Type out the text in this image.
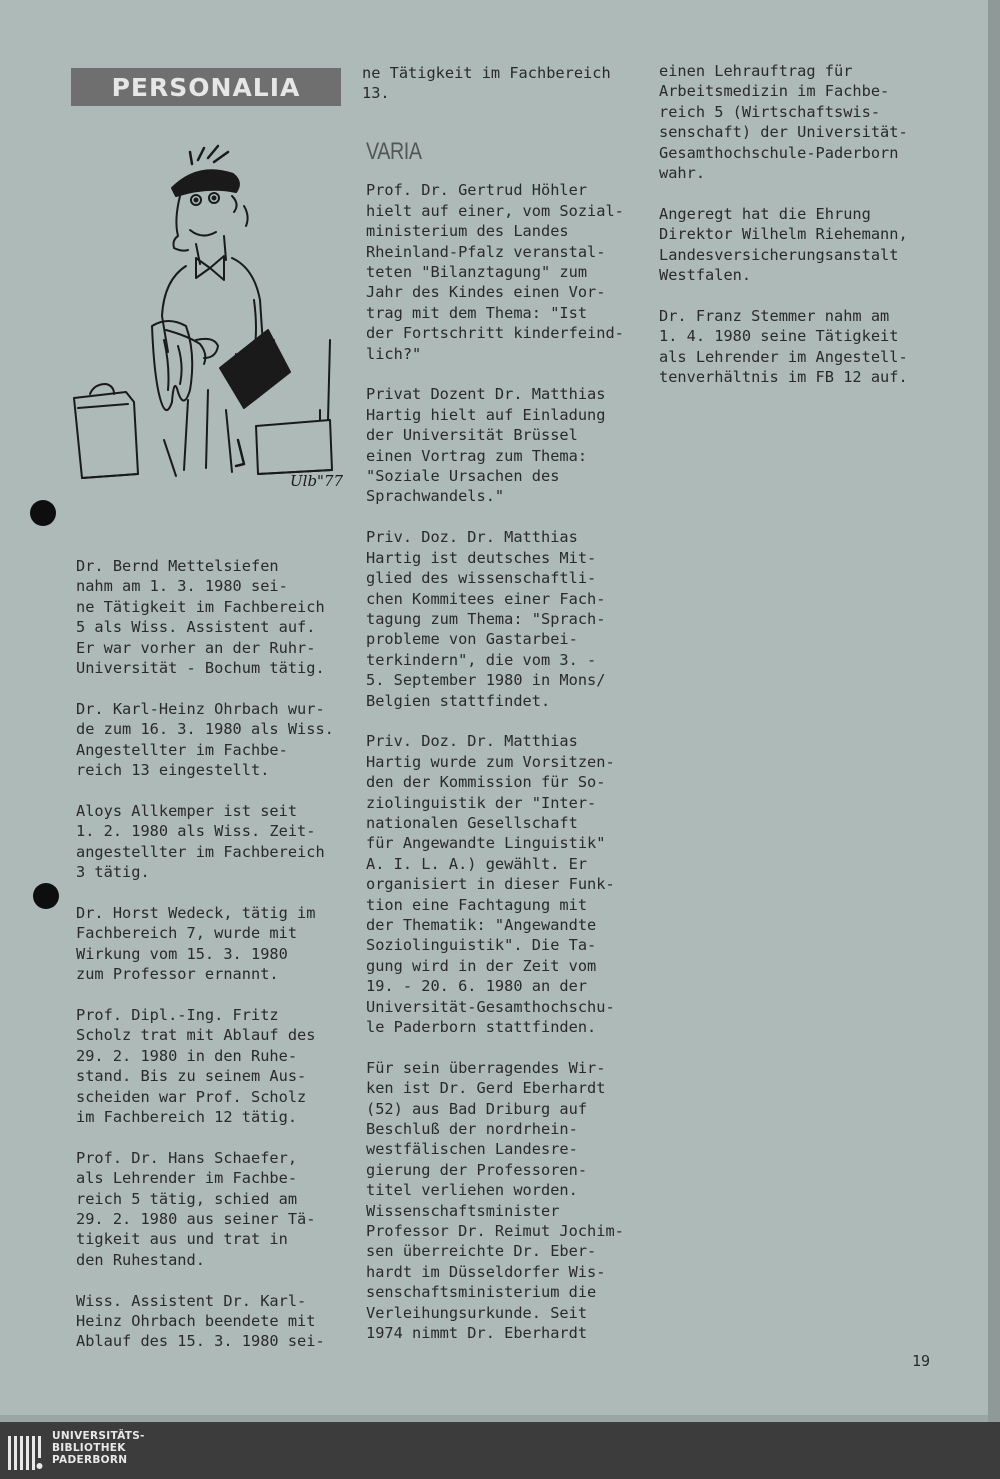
PERSONALIA
Ulb"77

Dr. Bernd Mettelsiefen
nahm am 1. 3. 1980 sei-
ne Tätigkeit im Fachbereich
5 als Wiss. Assistent auf.
Er war vorher an der Ruhr-
Universität - Bochum tätig.

Dr. Karl-Heinz Ohrbach wur-
de zum 16. 3. 1980 als Wiss.
Angestellter im Fachbe-
reich 13 eingestellt.

Aloys Allkemper ist seit
1. 2. 1980 als Wiss. Zeit-
angestellter im Fachbereich
3 tätig.

Dr. Horst Wedeck, tätig im
Fachbereich 7, wurde mit
Wirkung vom 15. 3. 1980
zum Professor ernannt.

Prof. Dipl.-Ing. Fritz
Scholz trat mit Ablauf des
29. 2. 1980 in den Ruhe-
stand. Bis zu seinem Aus-
scheiden war Prof. Scholz
im Fachbereich 12 tätig.

Prof. Dr. Hans Schaefer,
als Lehrender im Fachbe-
reich 5 tätig, schied am
29. 2. 1980 aus seiner Tä-
tigkeit aus und trat in
den Ruhestand.

Wiss. Assistent Dr. Karl-
Heinz Ohrbach beendete mit
Ablauf des 15. 3. 1980 sei-

ne Tätigkeit im Fachbereich
13.

VARIA

Prof. Dr. Gertrud Höhler
hielt auf einer, vom Sozial-
ministerium des Landes
Rheinland-Pfalz veranstal-
teten "Bilanztagung" zum
Jahr des Kindes einen Vor-
trag mit dem Thema: "Ist
der Fortschritt kinderfeind-
lich?"

Privat Dozent Dr. Matthias
Hartig hielt auf Einladung
der Universität Brüssel
einen Vortrag zum Thema:
"Soziale Ursachen des
Sprachwandels."

Priv. Doz. Dr. Matthias
Hartig ist deutsches Mit-
glied des wissenschaftli-
chen Kommitees einer Fach-
tagung zum Thema: "Sprach-
probleme von Gastarbei-
terkindern", die vom 3. -
5. September 1980 in Mons/
Belgien stattfindet.

Priv. Doz. Dr. Matthias
Hartig wurde zum Vorsitzen-
den der Kommission für So-
ziolinguistik der "Inter-
nationalen Gesellschaft
für Angewandte Linguistik"
A. I. L. A.) gewählt. Er
organisiert in dieser Funk-
tion eine Fachtagung mit
der Thematik: "Angewandte
Soziolinguistik". Die Ta-
gung wird in der Zeit vom
19. - 20. 6. 1980 an der
Universität-Gesamthochschu-
le Paderborn stattfinden.

Für sein überragendes Wir-
ken ist Dr. Gerd Eberhardt
(52) aus Bad Driburg auf
Beschluß der nordrhein-
westfälischen Landesre-
gierung der Professoren-
titel verliehen worden.
Wissenschaftsminister
Professor Dr. Reimut Jochim-
sen überreichte Dr. Eber-
hardt im Düsseldorfer Wis-
senschaftsministerium die
Verleihungsurkunde. Seit
1974 nimmt Dr. Eberhardt

einen Lehrauftrag für
Arbeitsmedizin im Fachbe-
reich 5 (Wirtschaftswis-
senschaft) der Universität-
Gesamthochschule-Paderborn
wahr.

Angeregt hat die Ehrung
Direktor Wilhelm Riehemann,
Landesversicherungsanstalt
Westfalen.

Dr. Franz Stemmer nahm am
1. 4. 1980 seine Tätigkeit
als Lehrender im Angestell-
tenverhältnis im FB 12 auf.

19
UNIVERSITÄTS-
BIBLIOTHEK
PADERBORN
